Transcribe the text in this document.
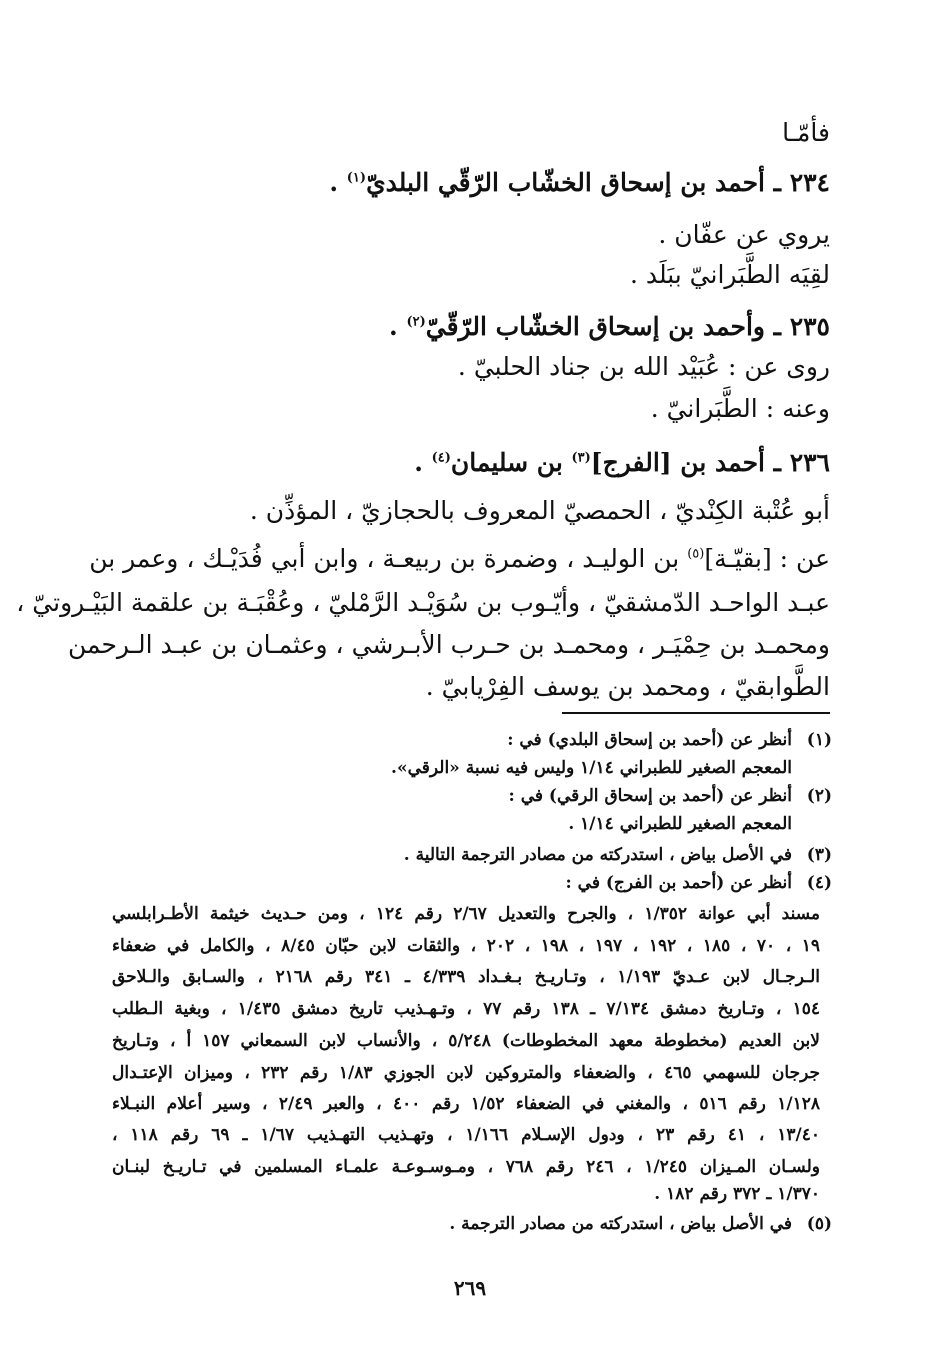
فأمّـا
٢٣٤ ـ أحمد بن إسحاق الخشّاب الرّقّي البلديّ$^{(١)}$ .
يروي عن عفّان .
لقِيَه الطَّبَرانيّ ببَلَد .
٢٣٥ ـ وأحمد بن إسحاق الخشّاب الرّقّيّ$^{(٢)}$ .
روى عن : عُبَيْد الله بن جناد الحلبيّ .
وعنه : الطَّبَرانيّ .
٢٣٦ ـ أحمد بن [الفرج]$^{(٣)}$ بن سليمان$^{(٤)}$ .
أبو عُتْبة الكِنْديّ ، الحمصيّ المعروف بالحجازيّ ، المؤذِّن .
عن : [بقيّـة]$^{(٥)}$ بن الوليـد ، وضمرة بن ربيعـة ، وابن أبي فُدَيْـك ، وعمر بن
عبـد الواحـد الدّمشقيّ ، وأيّـوب بن سُوَيْـد الرَّمْليّ ، وعُقْبَـة بن علقمة البَيْـروتيّ ،
ومحمـد بن حِمْيَـر ، ومحمـد بن حـرب الأبـرشي ، وعثمـان بن عبـد الـرحمن
الطَّوابقيّ ، ومحمد بن يوسف الفِرْيابيّ .
(١)أنظر عن (أحمد بن إسحاق البلدي) في :
المعجم الصغير للطبراني ١/١٤ وليس فيه نسبة «الرقي».
(٢)أنظر عن (أحمد بن إسحاق الرقي) في :
المعجم الصغير للطبراني ١/١٤ .
(٣)في الأصل بياض ، استدركته من مصادر الترجمة التالية .
(٤)أنظر عن (أحمد بن الفرج) في :
مسند أبي عوانة ١/٣٥٢ ، والجرح والتعديل ٢/٦٧ رقم ١٢٤ ، ومن حـديث خيثمة الأطـرابلسي
١٩ ، ٧٠ ، ١٨٥ ، ١٩٢ ، ١٩٧ ، ١٩٨ ، ٢٠٢ ، والثقات لابن حبّان ٨/٤٥ ، والكامل في ضعفاء
الـرجـال لابن عـديّ ١/١٩٣ ، وتـاريـخ بـغـداد ٤/٣٣٩ ـ ٣٤١ رقم ٢١٦٨ ، والسـابق والـلاحق
١٥٤ ، وتـاريخ دمشق ٧/١٣٤ ـ ١٣٨ رقم ٧٧ ، وتـهـذيب تاريخ دمشق ١/٤٣٥ ، وبغية الـطلب
لابن العديم (مخطوطة معهد المخطوطات) ٥/٢٤٨ ، والأنساب لابن السمعاني ١٥٧ أ ، وتـاريخ
جرجان للسهمي ٤٦٥ ، والضعفاء والمتروكين لابن الجوزي ١/٨٣ رقم ٢٣٢ ، وميزان الإعتـدال
١/١٢٨ رقم ٥١٦ ، والمغني في الضعفاء ١/٥٢ رقم ٤٠٠ ، والعبر ٢/٤٩ ، وسير أعلام النبـلاء
١٣/٤٠ ، ٤١ رقم ٢٣ ، ودول الإسـلام ١/١٦٦ ، وتهـذيب التهـذيب ١/٦٧ ـ ٦٩ رقم ١١٨ ،
ولسـان المـيزان ١/٢٤٥ ، ٢٤٦ رقم ٧٦٨ ، ومـوسـوعـة علمـاء المسلمين في تـاريـخ لبنـان
١/٣٧٠ ـ ٣٧٢ رقم ١٨٢ .
(٥)في الأصل بياض ، استدركته من مصادر الترجمة .
٢٦٩
